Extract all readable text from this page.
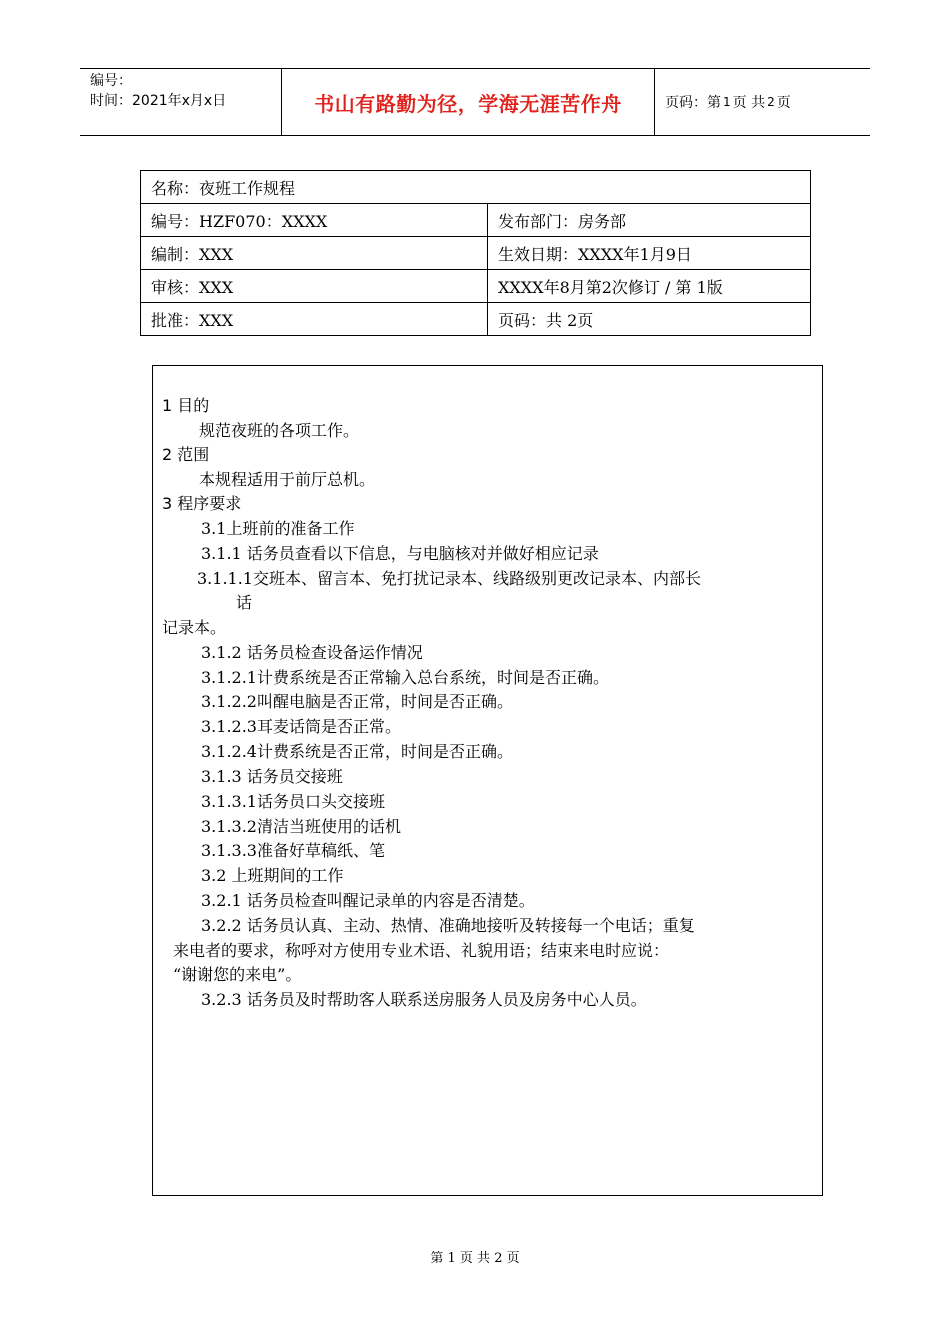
编号：
时间：2021年x月x日	书山有路勤为径，学海无涯苦作舟	页码：第 1 页 共 2 页
名称：夜班工作规程	
编号：HZF070：XXXX	发布部门：房务部
编制：XXX	生效日期：XXXX年1月9日
审核：XXX	XXXX年8月第2次修订 / 第 1版
批准：XXX	页码：共 2页
1 目的
规范夜班的各项工作。
2 范围
本规程适用于前厅总机。
3 程序要求
3.1上班前的准备工作
3.1.1 话务员查看以下信息，与电脑核对并做好相应记录
3.1.1.1交班本、留言本、免打扰记录本、线路级别更改记录本、内部长
话
记录本。
3.1.2 话务员检查设备运作情况
3.1.2.1计费系统是否正常输入总台系统，时间是否正确。
3.1.2.2叫醒电脑是否正常，时间是否正确。
3.1.2.3耳麦话筒是否正常。
3.1.2.4计费系统是否正常，时间是否正确。
3.1.3 话务员交接班
3.1.3.1话务员口头交接班
3.1.3.2清洁当班使用的话机
3.1.3.3准备好草稿纸、笔
3.2 上班期间的工作
3.2.1 话务员检查叫醒记录单的内容是否清楚。
3.2.2 话务员认真、主动、热情、准确地接听及转接每一个电话；重复
来电者的要求，称呼对方使用专业术语、礼貌用语；结束来电时应说：
“谢谢您的来电”。
3.2.3 话务员及时帮助客人联系送房服务人员及房务中心人员。
第 1 页 共 2 页
